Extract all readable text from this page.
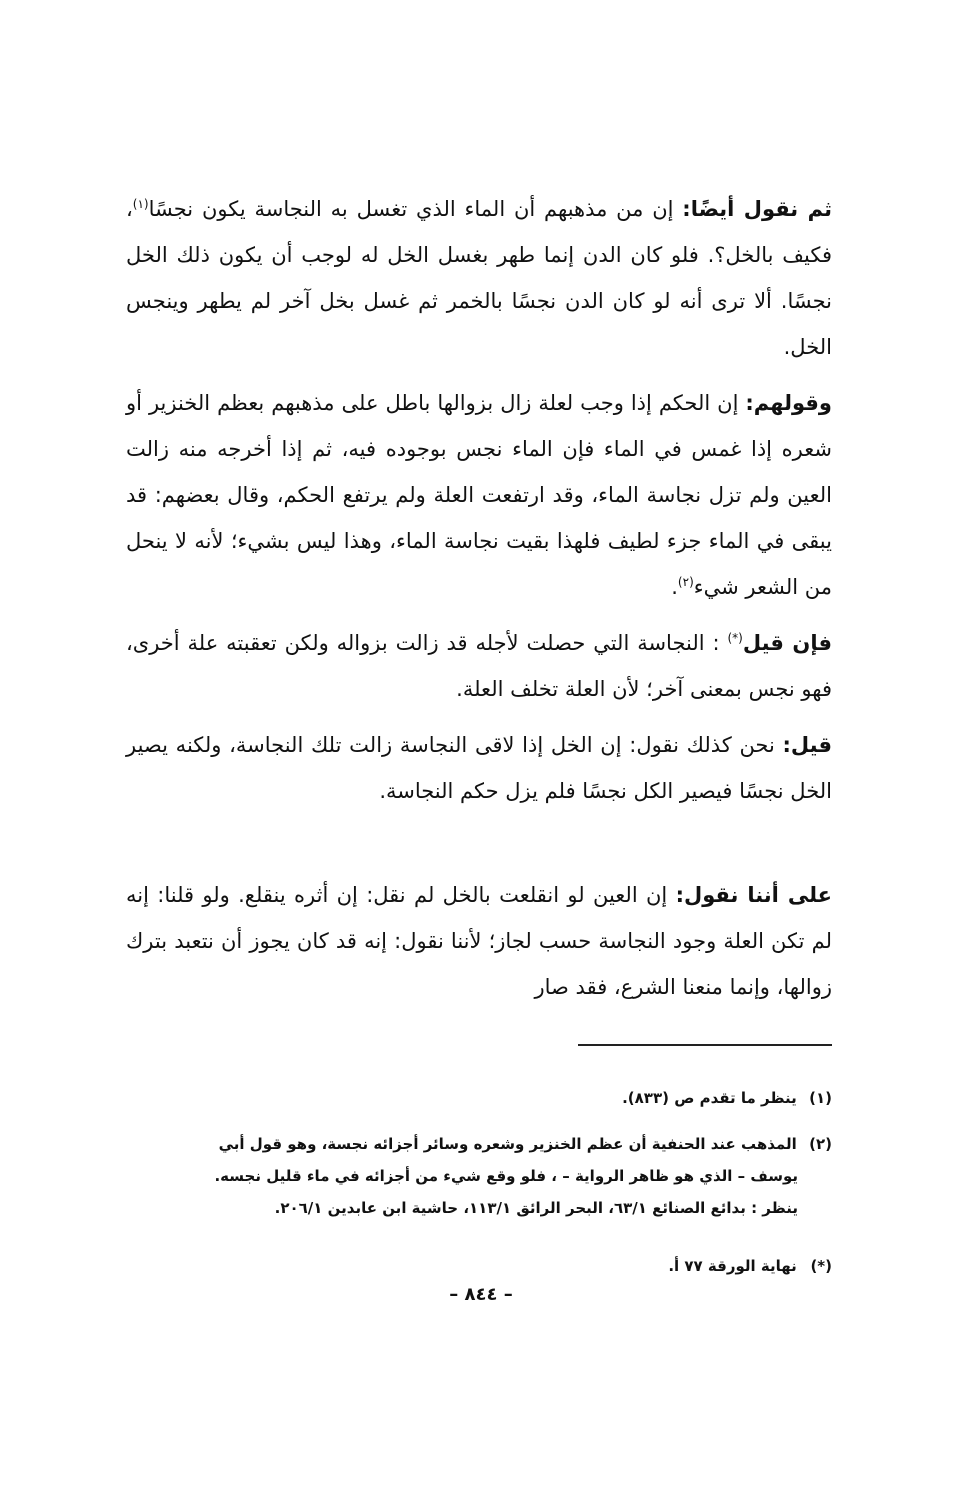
ثم نقول أيضًا: إن من مذهبهم أن الماء الذي تغسل به النجاسة يكون نجسًا$^{(١)}$، فكيف بالخل؟. فلو كان الدن إنما طهر بغسل الخل له لوجب أن يكون ذلك الخل نجسًا. ألا ترى أنه لو كان الدن نجسًا بالخمر ثم غسل بخل آخر لم يطهر وينجس الخل.

وقولهم: إن الحكم إذا وجب لعلة زال بزوالها باطل على مذهبهم بعظم الخنزير أو شعره إذا غمس في الماء فإن الماء نجس بوجوده فيه، ثم إذا أخرجه منه زالت العين ولم تزل نجاسة الماء، وقد ارتفعت العلة ولم يرتفع الحكم، وقال بعضهم: قد يبقى في الماء جزء لطيف فلهذا بقيت نجاسة الماء، وهذا ليس بشيء؛ لأنه لا ينحل من الشعر شيء$^{(٢)}$.

فإن قيل(*) : النجاسة التي حصلت لأجله قد زالت بزواله ولكن تعقبته علة أخرى، فهو نجس بمعنى آخر؛ لأن العلة تخلف العلة.

قيل: نحن كذلك نقول: إن الخل إذا لاقى النجاسة زالت تلك النجاسة، ولكنه يصير الخل نجسًا فيصير الكل نجسًا فلم يزل حكم النجاسة.

على أننا نقول: إن العين لو انقلعت بالخل لم نقل: إن أثره ينقلع. ولو قلنا: إنه لم تكن العلة وجود النجاسة حسب لجاز؛ لأننا نقول: إنه قد كان يجوز أن نتعبد بترك زوالها، وإنما منعنا الشرع، فقد صار

(١) ينظر ما تقدم ص (٨٣٣).

(٢) المذهب عند الحنفية أن عظم الخنزير وشعره وسائر أجزائه نجسة، وهو قول أبي
يوسف – الذي هو ظاهر الرواية – ، فلو وقع شيء من أجزائه في ماء قليل نجسه.
ينظر : بدائع الصنائع ٦٣/١، البحر الرائق ١١٣/١، حاشية ابن عابدين ٢٠٦/١.

(*) نهاية الورقة ٧٧ أ.

– ٨٤٤ –
